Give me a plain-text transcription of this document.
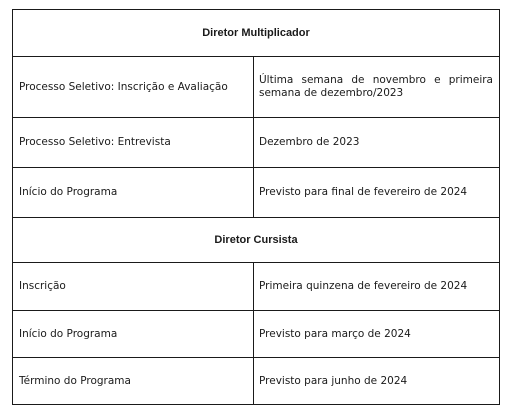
Diretor Multiplicador	
Processo Seletivo: Inscrição e Avaliação	Última semana de novembro e primeira semana de dezembro/2023
Processo Seletivo: Entrevista	Dezembro de 2023
Início do Programa	Previsto para final de fevereiro de 2024
Diretor Cursista	
Inscrição	Primeira quinzena de fevereiro de 2024
Início do Programa	Previsto para março de 2024
Término do Programa	Previsto para junho de 2024
